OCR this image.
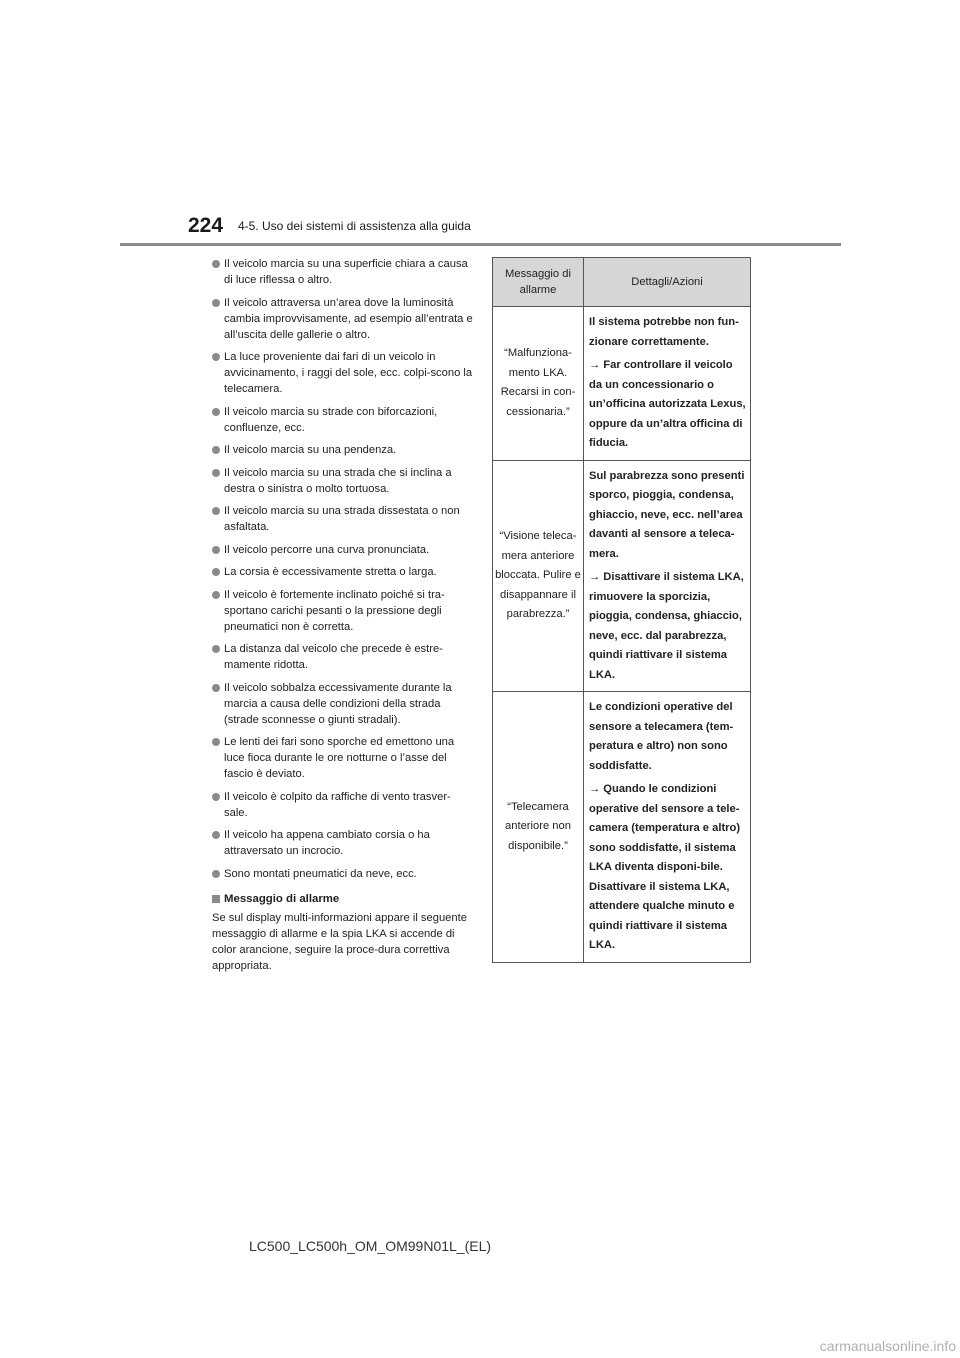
224 4-5. Uso dei sistemi di assistenza alla guida
Il veicolo marcia su una superficie chiara a causa di luce riflessa o altro.
Il veicolo attraversa un’area dove la luminosità cambia improvvisamente, ad esempio all’entrata e all’uscita delle gallerie o altro.
La luce proveniente dai fari di un veicolo in avvicinamento, i raggi del sole, ecc. colpi-scono la telecamera.
Il veicolo marcia su strade con biforcazioni, confluenze, ecc.
Il veicolo marcia su una pendenza.
Il veicolo marcia su una strada che si inclina a destra o sinistra o molto tortuosa.
Il veicolo marcia su una strada dissestata o non asfaltata.
Il veicolo percorre una curva pronunciata.
La corsia è eccessivamente stretta o larga.
Il veicolo è fortemente inclinato poiché si tra-sportano carichi pesanti o la pressione degli pneumatici non è corretta.
La distanza dal veicolo che precede è estre-mamente ridotta.
Il veicolo sobbalza eccessivamente durante la marcia a causa delle condizioni della strada (strade sconnesse o giunti stradali).
Le lenti dei fari sono sporche ed emettono una luce fioca durante le ore notturne o l’asse del fascio è deviato.
Il veicolo è colpito da raffiche di vento trasver-sale.
Il veicolo ha appena cambiato corsia o ha attraversato un incrocio.
Sono montati pneumatici da neve, ecc.
Messaggio di allarme
Se sul display multi-informazioni appare il seguente messaggio di allarme e la spia LKA si accende di color arancione, seguire la proce-dura correttiva appropriata.
Messaggio di allarme	Dettagli/Azioni
“Malfunziona-mento LKA. Recarsi in con-cessionaria.”	Il sistema potrebbe non fun-zionare correttamente.

→ Far controllare il veicolo da un concessionario o un’officina autorizzata Lexus, oppure da un’altra officina di fiducia.

“Visione teleca-mera anteriore bloccata. Pulire e disappannare il parabrezza.”	Sul parabrezza sono presenti sporco, pioggia, condensa, ghiaccio, neve, ecc. nell’area davanti al sensore a teleca-mera.

→ Disattivare il sistema LKA, rimuovere la sporcizia, pioggia, condensa, ghiaccio, neve, ecc. dal parabrezza, quindi riattivare il sistema LKA.

“Telecamera anteriore non disponibile.”	Le condizioni operative del sensore a telecamera (tem-peratura e altro) non sono soddisfatte.

→ Quando le condizioni operative del sensore a tele-camera (temperatura e altro) sono soddisfatte, il sistema LKA diventa disponi-bile. Disattivare il sistema LKA, attendere qualche minuto e quindi riattivare il sistema LKA.

LC500_LC500h_OM_OM99N01L_(EL)
carmanualsonline.info
